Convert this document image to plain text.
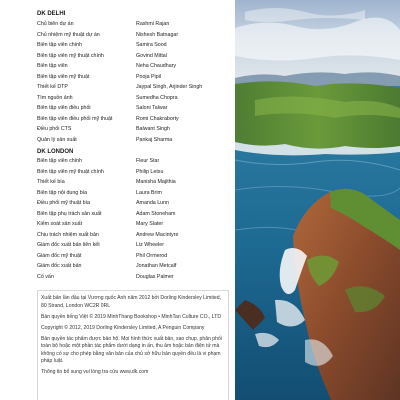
DK DELHI
Chủ biên dự án	Rashmi Rajan
Chủ nhiệm mỹ thuật dự án	Nishesh Batnagar
Biên tập viên chính	Samira Sood
Biên tập viên mỹ thuật chính	Govind Mittal
Biên tập viên	Neha Chaudhary
Biên tập viên mỹ thuật	Pooja Pipil
Thiết kế DTP	Jaypal Singh, Arjinder Singh
Tìm nguồn ảnh	Sumedha Chopra
Biên tập viên điều phối	Saloni Talwar
Biên tập viên điều phối mỹ thuật	Romi Chakraborty
Điều phối CTS	Balwant Singh
Quản lý sản xuất	Pankaj Sharma
DK LONDON
Biên tập viên chính	Fleur Star
Biên tập viên mỹ thuật chính	Philip Letsu
Thiết kế bìa	Manisha Majithia
Biên tập nội dung bìa	Laura Brim
Điều phối mỹ thuật bìa	Amanda Lunn
Biên tập phụ trách sản xuất	Adam Stoneham
Kiểm soát sản xuất	Mary Slater
Chịu trách nhiệm xuất bản	Andrew Macintyre
Giám đốc xuất bản liên kết	Liz Wheeler
Giám đốc mỹ thuật	Phil Ormerod
Giám đốc xuất bản	Jonathan Metcalf
Cố vấn	Douglas Palmer

Xuất bản lần đầu tại Vương quốc Anh năm 2012 bởi Dorling Kindersley Limited, 80 Strand, London WC2R 0RL

Bản quyền tiếng Việt © 2019 MinhThang Bookshop • MinhTan Culture CO., LTD

Copyright © 2012, 2019 Dorling Kindersley Limited, A Penguin Company

Bản quyền tác phẩm được bảo hộ. Mọi hình thức xuất bản, sao chụp, phân phối toàn bộ hoặc một phần tác phẩm dưới dạng in ấn, thu âm hoặc bản điện tử mà không có sự cho phép bằng văn bản của chủ sở hữu bản quyền đều là vi phạm pháp luật.

Thông tin bổ sung vui lòng tra cứu www.dk.com
